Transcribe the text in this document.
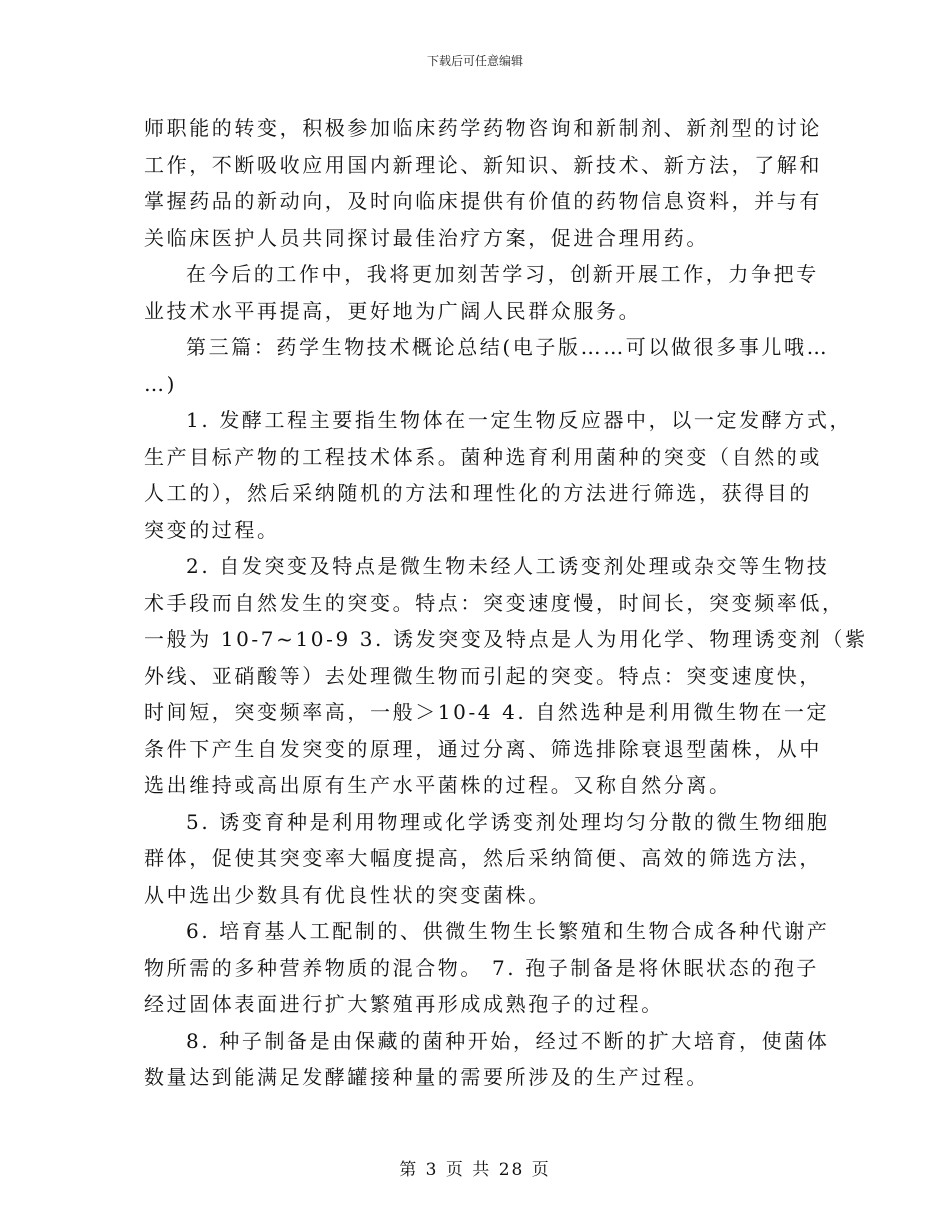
下载后可任意编辑
师职能的转变，积极参加临床药学药物咨询和新制剂、新剂型的讨论
工作，不断吸收应用国内新理论、新知识、新技术、新方法，了解和
掌握药品的新动向，及时向临床提供有价值的药物信息资料，并与有
关临床医护人员共同探讨最佳治疗方案，促进合理用药。
在今后的工作中，我将更加刻苦学习，创新开展工作，力争把专
业技术水平再提高，更好地为广阔人民群众服务。
第三篇：药学生物技术概论总结(电子版……可以做很多事儿哦…
…)
1. 发酵工程主要指生物体在一定生物反应器中，以一定发酵方式，
生产目标产物的工程技术体系。菌种选育利用菌种的突变（自然的或
人工的），然后采纳随机的方法和理性化的方法进行筛选，获得目的
突变的过程。
2. 自发突变及特点是微生物未经人工诱变剂处理或杂交等生物技
术手段而自然发生的突变。特点：突变速度慢，时间长，突变频率低，
一般为 10-7~10-9 3. 诱发突变及特点是人为用化学、物理诱变剂（紫
外线、亚硝酸等）去处理微生物而引起的突变。特点：突变速度快，
时间短，突变频率高，一般＞10-4 4. 自然选种是利用微生物在一定
条件下产生自发突变的原理，通过分离、筛选排除衰退型菌株，从中
选出维持或高出原有生产水平菌株的过程。又称自然分离。
5. 诱变育种是利用物理或化学诱变剂处理均匀分散的微生物细胞
群体，促使其突变率大幅度提高，然后采纳简便、高效的筛选方法，
从中选出少数具有优良性状的突变菌株。
6. 培育基人工配制的、供微生物生长繁殖和生物合成各种代谢产
物所需的多种营养物质的混合物。 7. 孢子制备是将休眠状态的孢子
经过固体表面进行扩大繁殖再形成成熟孢子的过程。
8. 种子制备是由保藏的菌种开始，经过不断的扩大培育，使菌体
数量达到能满足发酵罐接种量的需要所涉及的生产过程。
第 3 页 共 28 页
